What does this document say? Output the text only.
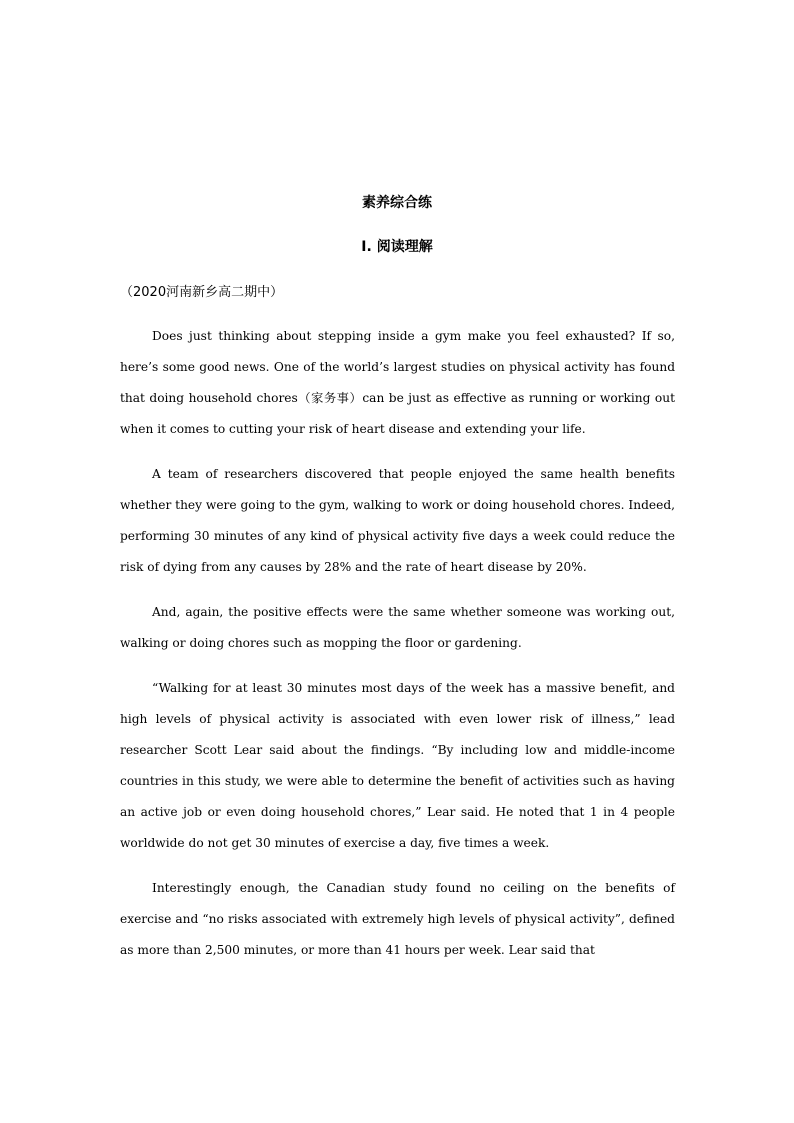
素养综合练
Ⅰ. 阅读理解

（2020河南新乡高二期中）

Does just thinking about stepping inside a gym make you feel exhausted? If so, here’s some good news. One of the world’s largest studies on physical activity has found that doing household chores（家务事）can be just as effective as running or working out when it comes to cutting your risk of heart disease and extending your life.

A team of researchers discovered that people enjoyed the same health benefits whether they were going to the gym, walking to work or doing household chores. Indeed, performing 30 minutes of any kind of physical activity five days a week could reduce the risk of dying from any causes by 28% and the rate of heart disease by 20%.

And, again, the positive effects were the same whether someone was working out, walking or doing chores such as mopping the floor or gardening.

“Walking for at least 30 minutes most days of the week has a massive benefit, and high levels of physical activity is associated with even lower risk of illness,” lead researcher Scott Lear said about the findings. “By including low and middle-income countries in this study, we were able to determine the benefit of activities such as having an active job or even doing household chores,” Lear said. He noted that 1 in 4 people worldwide do not get 30 minutes of exercise a day, five times a week.

Interestingly enough, the Canadian study found no ceiling on the benefits of exercise and “no risks associated with extremely high levels of physical activity”, defined as more than 2,500 minutes, or more than 41 hours per week. Lear said that
